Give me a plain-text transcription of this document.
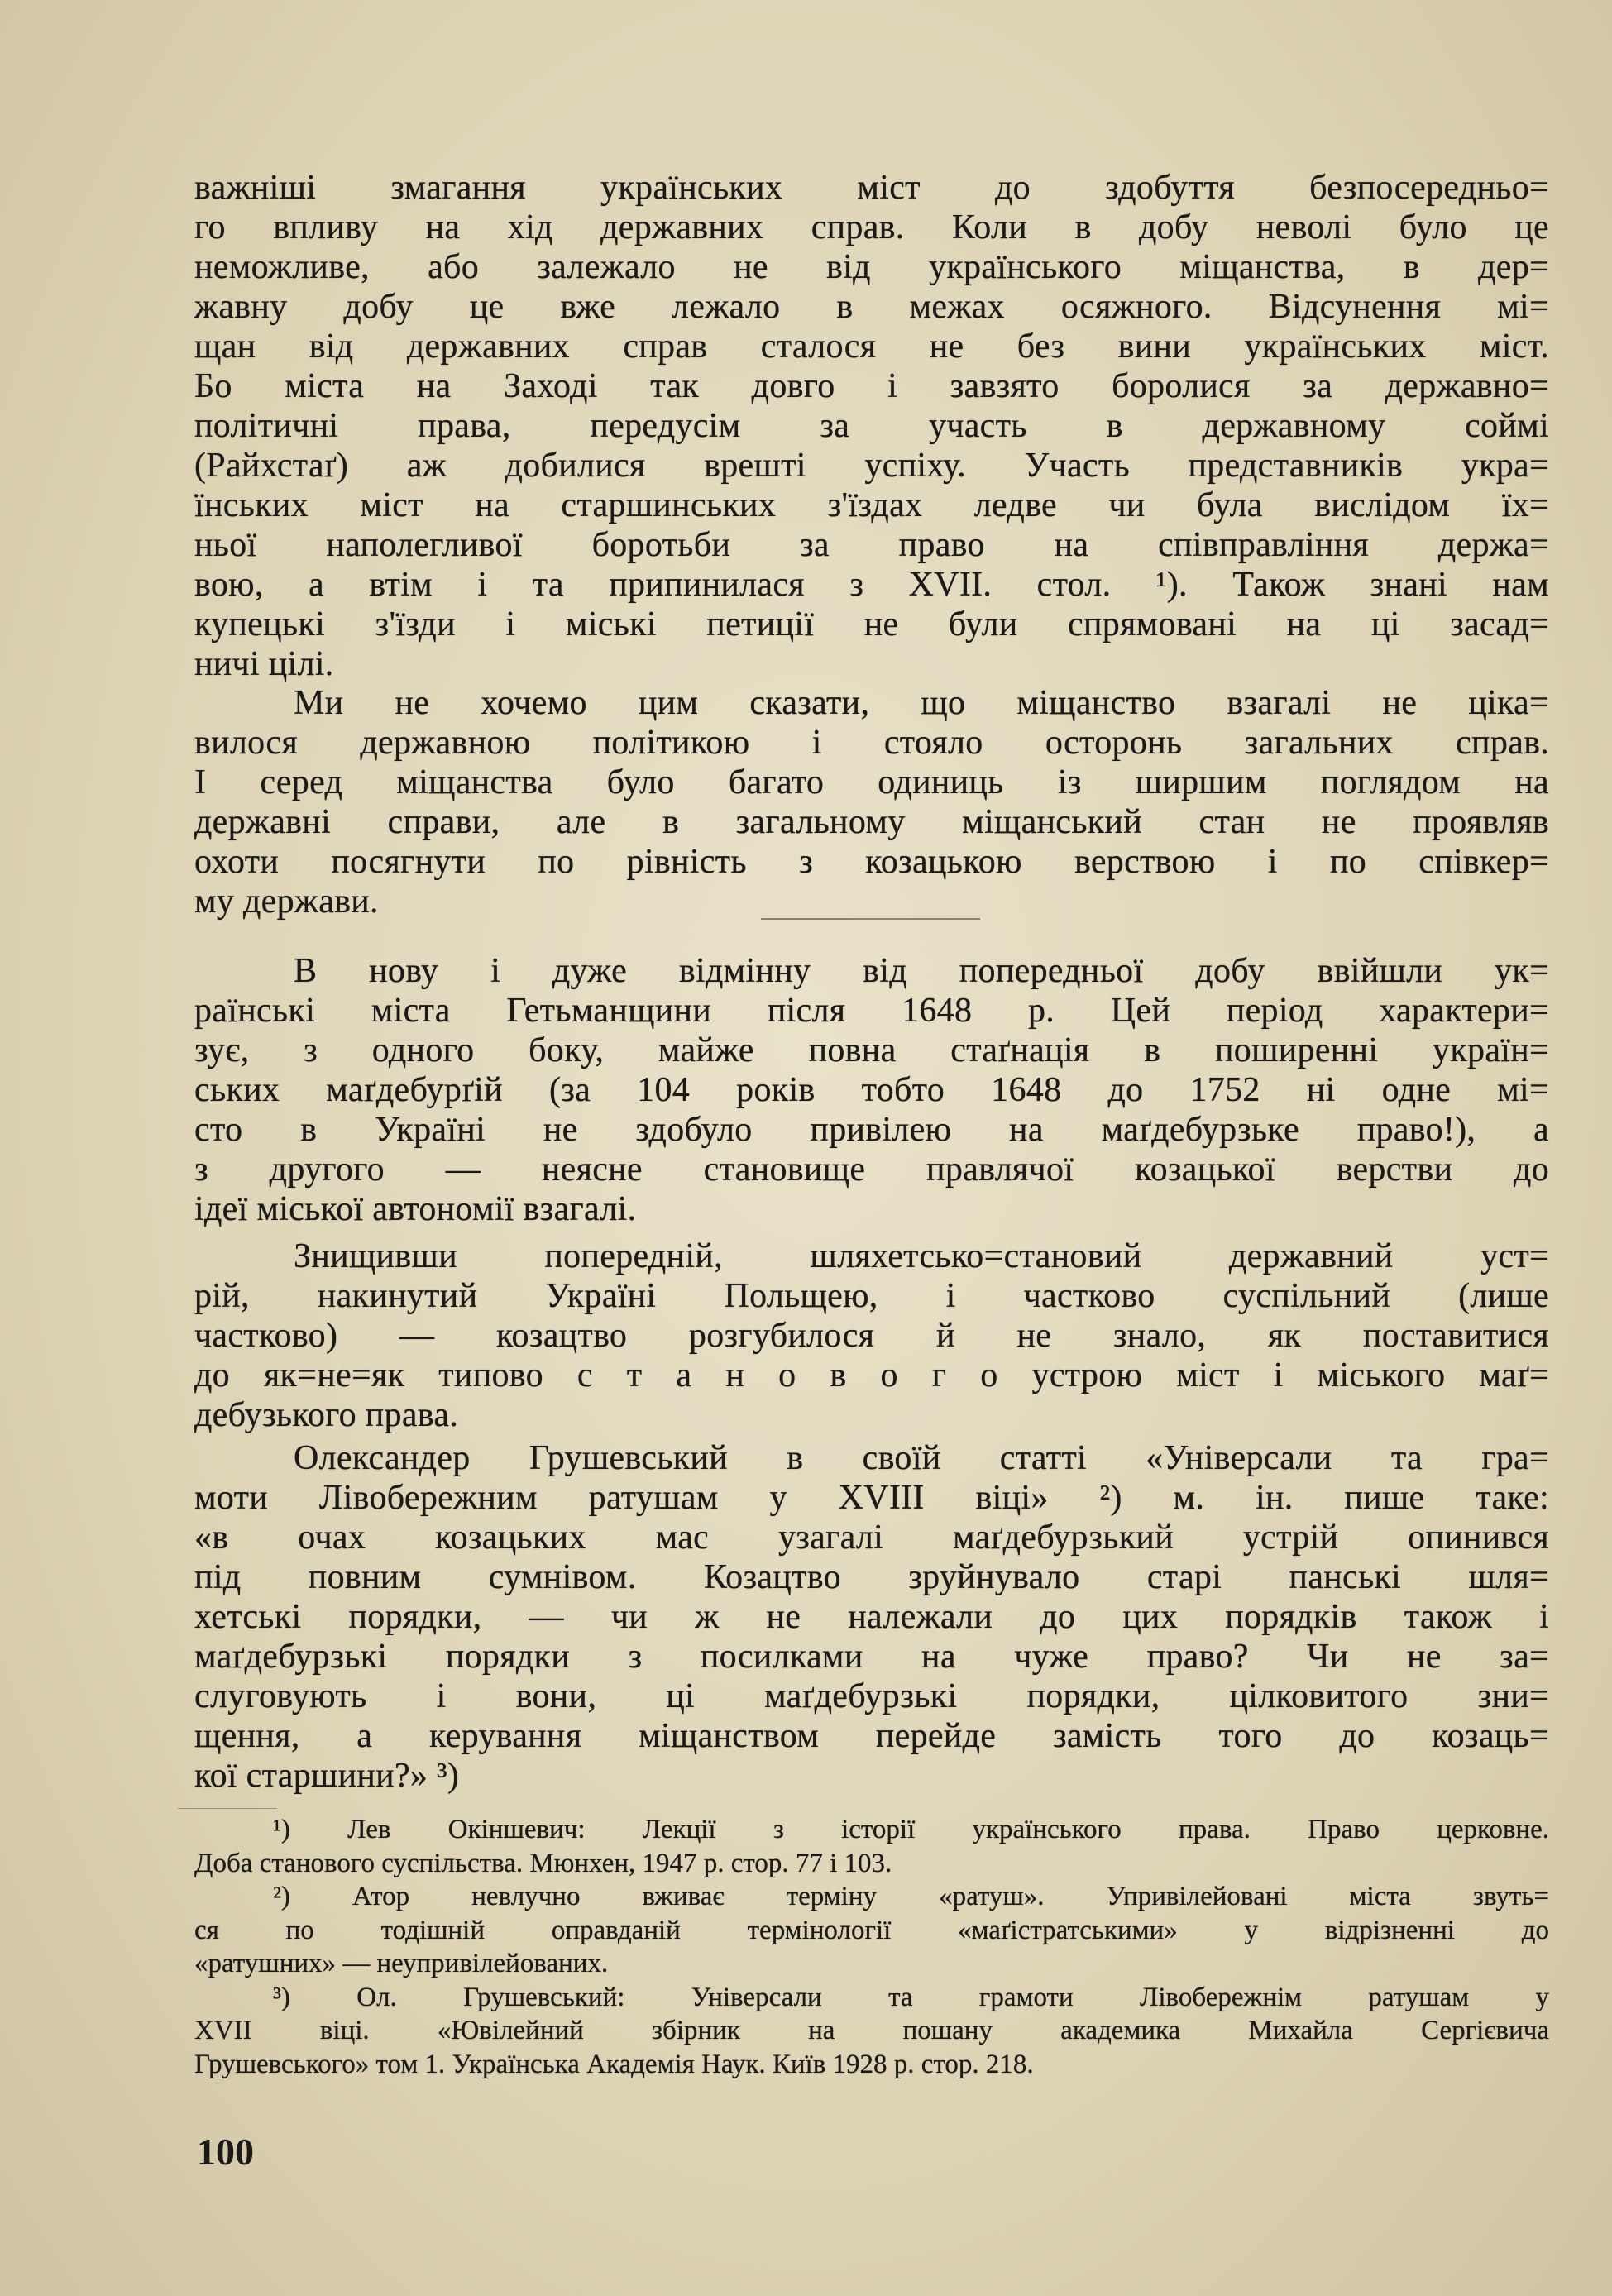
важніші змагання українських міст до здобуття безпосередньо=
го впливу на хід державних справ. Коли в добу неволі було це
неможливе, або залежало не від українського міщанства, в дер=
жавну добу це вже лежало в межах осяжного. Відсунення мі=
щан від державних справ сталося не без вини українських міст.
Бо міста на Заході так довго і завзято боролися за державно=
політичні права, передусім за участь в державному соймі
(Райхстаґ) аж добилися врешті успіху. Участь представників укра=
їнських міст на старшинських з'їздах ледве чи була вислідом їх=
ньої наполегливої боротьби за право на співправління держа=
вою, а втім і та припинилася з XVII. стол. ¹). Також знані нам
купецькі з'їзди і міські петиції не були спрямовані на ці засад=
ничі цілі.
Ми не хочемо цим сказати, що міщанство взагалі не ціка=
вилося державною політикою і стояло осторонь загальних справ.
І серед міщанства було багато одиниць із ширшим поглядом на
державні справи, але в загальному міщанський стан не проявляв
охоти посягнути по рівність з козацькою верствою і по співкер=
му держави.
В нову і дуже відмінну від попередньої добу ввійшли ук=
раїнські міста Гетьманщини після 1648 р. Цей період характери=
зує, з одного боку, майже повна стаґнація в поширенні україн=
ських маґдебурґій (за 104 років тобто 1648 до 1752 ні одне мі=
сто в Україні не здобуло привілею на маґдебурзьке право!), а
з другого — неясне становище правлячої козацької верстви до
ідеї міської автономії взагалі.
Знищивши попередній, шляхетсько=становий державний уст=
рій, накинутий Україні Польщею, і частково суспільний (лише
частково) — козацтво розгубилося й не знало, як поставитися
до як=не=як типово с т а н о в о г о устрою міст і міського маґ=
дебузького права.
Олександер Грушевський в своїй статті «Універсали та гра=
моти Лівобережним ратушам у XVIII віці» ²) м. ін. пише таке:
«в очах козацьких мас узагалі маґдебурзький устрій опинився
під повним сумнівом. Козацтво зруйнувало старі панські шля=
хетські порядки, — чи ж не належали до цих порядків також і
маґдебурзькі порядки з посилками на чуже право? Чи не за=
слуговують і вони, ці маґдебурзькі порядки, цілковитого зни=
щення, а керування міщанством перейде замість того до козаць=
кої старшини?» ³)
¹) Лев Окіншевич: Лекції з історії українського права. Право церковне.
Доба станового суспільства. Мюнхен, 1947 р. стор. 77 і 103.
²) Атор невлучно вживає терміну «ратуш». Упривілейовані міста звуть=
ся по тодішній оправданій термінології «маґістратськими» у відрізненні до
«ратушних» — неупривілейованих.
³) Ол. Грушевський: Універсали та грамоти Лівобережнім ратушам у
XVII віці. «Ювілейний збірник на пошану академика Михайла Сергієвича
Грушевського» том 1. Українська Академія Наук. Київ 1928 р. стор. 218.
100
